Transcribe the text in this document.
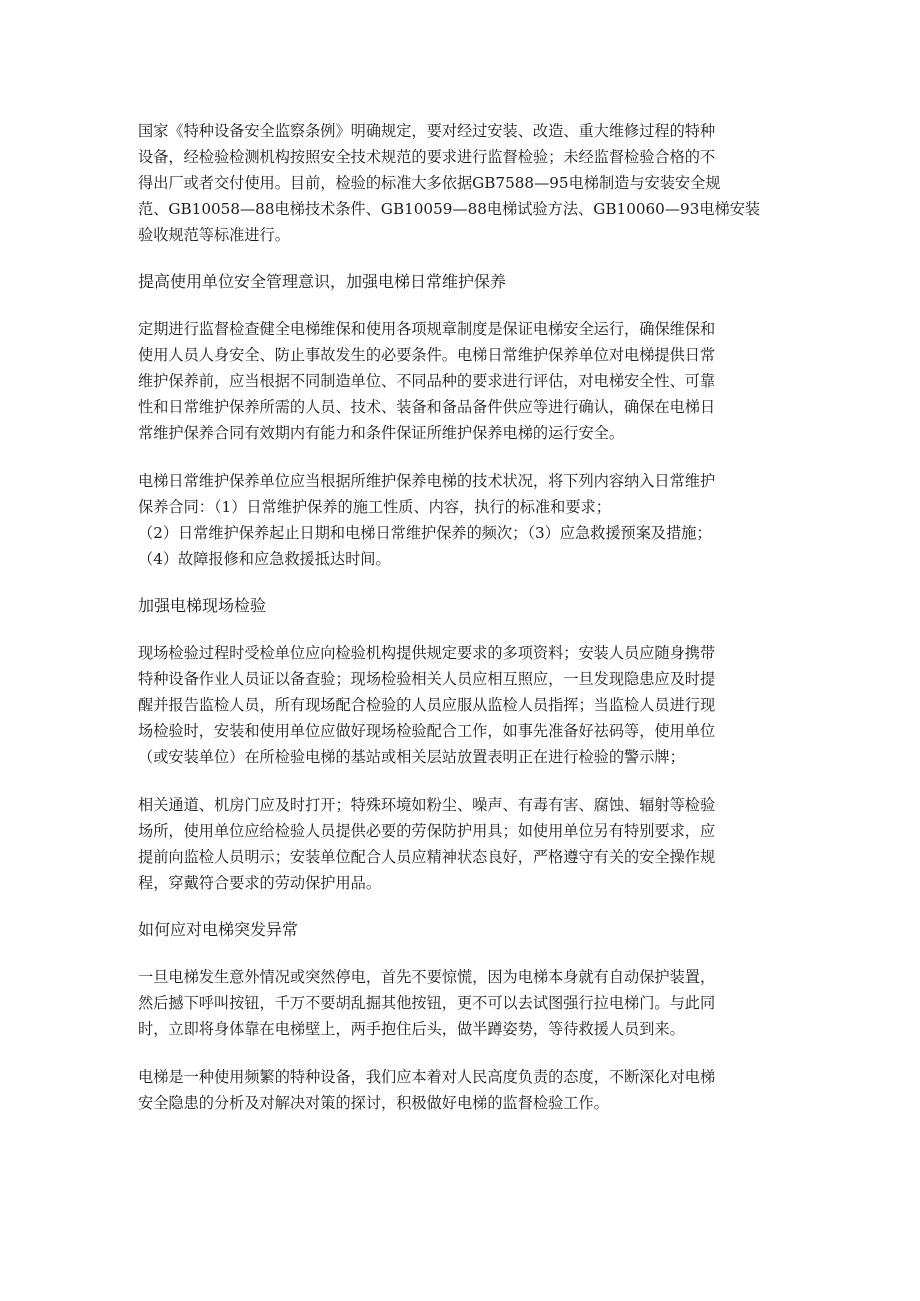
国家《特种设备安全监察条例》明确规定，要对经过安装、改造、重大维修过程的特种
设备，经检验检测机构按照安全技术规范的要求进行监督检验；未经监督检验合格的不
得出厂或者交付使用。目前，检验的标准大多依据GB7588—95电梯制造与安装安全规
范、GB10058—88电梯技术条件、GB10059—88电梯试验方法、GB10060—93电梯安装
验收规范等标准进行。

提高使用单位安全管理意识，加强电梯日常维护保养

定期进行监督检查健全电梯维保和使用各项规章制度是保证电梯安全运行，确保维保和
使用人员人身安全、防止事故发生的必要条件。电梯日常维护保养单位对电梯提供日常
维护保养前，应当根据不同制造单位、不同品种的要求进行评估，对电梯安全性、可靠
性和日常维护保养所需的人员、技术、装备和备品备件供应等进行确认，确保在电梯日
常维护保养合同有效期内有能力和条件保证所维护保养电梯的运行安全。

电梯日常维护保养单位应当根据所维护保养电梯的技术状况，将下列内容纳入日常维护
保养合同：（1）日常维护保养的施工性质、内容，执行的标准和要求；
（2）日常维护保养起止日期和电梯日常维护保养的频次；（3）应急救援预案及措施；
（4）故障报修和应急救援抵达时间。

加强电梯现场检验

现场检验过程时受检单位应向检验机构提供规定要求的多项资料；安装人员应随身携带
特种设备作业人员证以备查验；现场检验相关人员应相互照应，一旦发现隐患应及时提
醒并报告监检人员，所有现场配合检验的人员应服从监检人员指挥；当监检人员进行现
场检验时，安装和使用单位应做好现场检验配合工作，如事先准备好祛码等，使用单位
（或安装单位）在所检验电梯的基站或相关层站放置表明正在进行检验的警示牌；

相关通道、机房门应及时打开；特殊环境如粉尘、噪声、有毒有害、腐蚀、辐射等检验
场所，使用单位应给检验人员提供必要的劳保防护用具；如使用单位另有特别要求，应
提前向监检人员明示；安装单位配合人员应精神状态良好，严格遵守有关的安全操作规
程，穿戴符合要求的劳动保护用品。

如何应对电梯突发异常

一旦电梯发生意外情况或突然停电，首先不要惊慌，因为电梯本身就有自动保护装置，
然后撼下呼叫按钮，千万不要胡乱掘其他按钮，更不可以去试图强行拉电梯门。与此同
时，立即将身体靠在电梯壁上，两手抱住后头，做半蹲姿势，等待救援人员到来。

电梯是一种使用频繁的特种设备，我们应本着对人民高度负责的态度，不断深化对电梯
安全隐患的分析及对解决对策的探讨，积极做好电梯的监督检验工作。
